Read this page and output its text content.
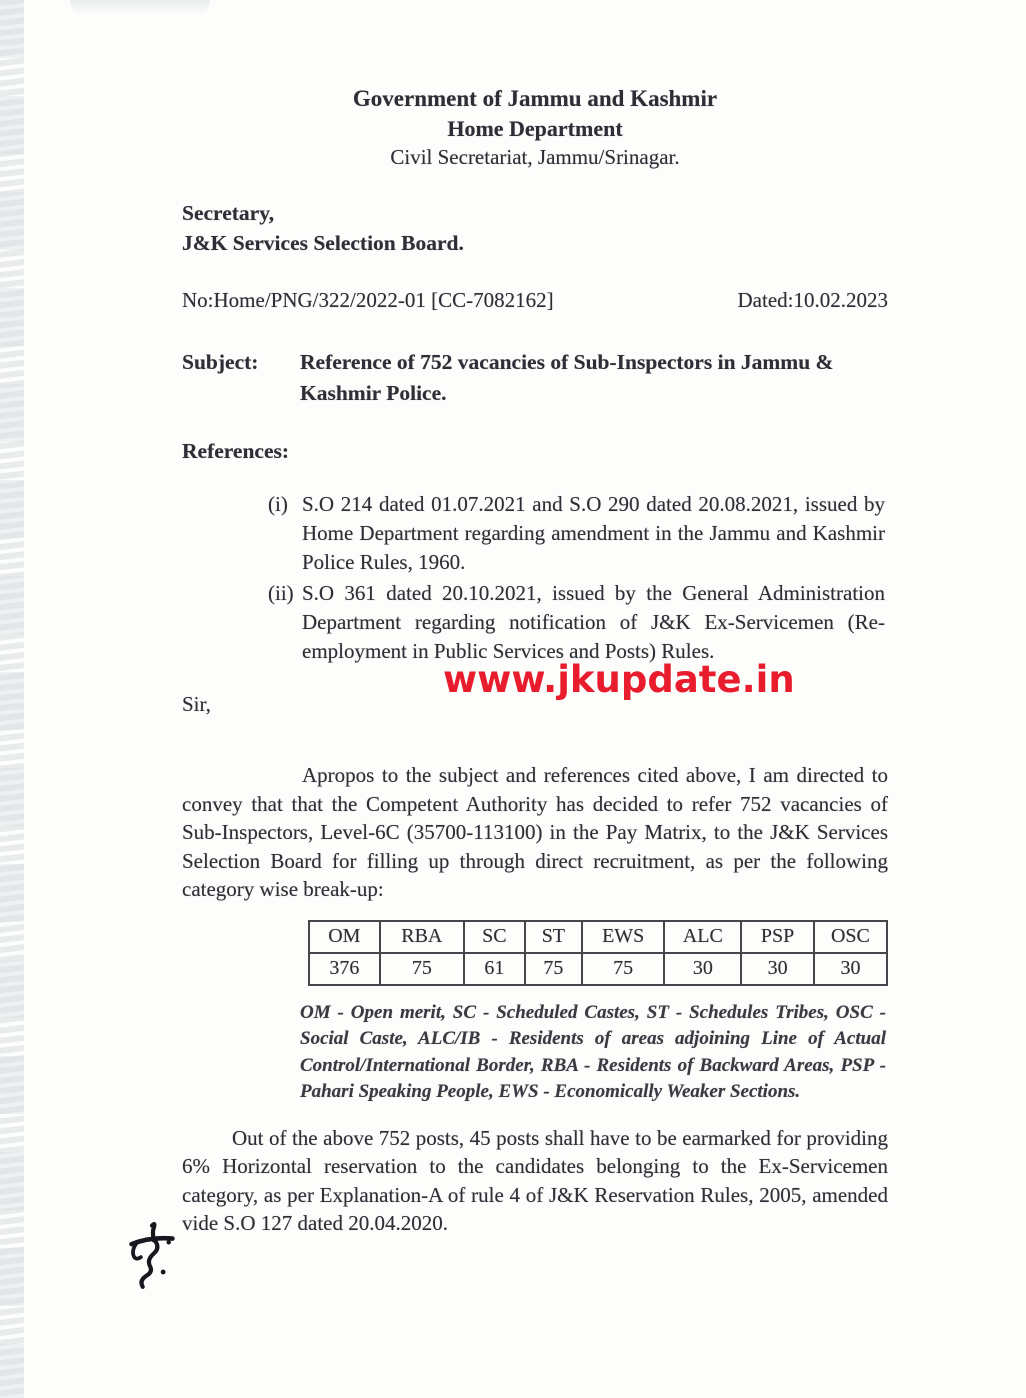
Government of Jammu and Kashmir
Home Department
Civil Secretariat, Jammu/Srinagar.
Secretary,
J&K Services Selection Board.
No:Home/PNG/322/2022-01 [CC-7082162]	Dated:10.02.2023
Subject:	Reference of 752 vacancies of Sub-Inspectors in Jammu & Kashmir Police.
References:
(i) S.O 214 dated 01.07.2021 and S.O 290 dated 20.08.2021, issued by Home Department regarding amendment in the Jammu and Kashmir Police Rules, 1960.
(ii) S.O 361 dated 20.10.2021, issued by the General Administration Department regarding notification of J&K Ex-Servicemen (Re-employment in Public Services and Posts) Rules.
Sir,
Apropos to the subject and references cited above, I am directed to convey that that the Competent Authority has decided to refer 752 vacancies of Sub-Inspectors, Level-6C (35700-113100) in the Pay Matrix, to the J&K Services Selection Board for filling up through direct recruitment, as per the following category wise break-up:
OM	RBA	SC	ST	EWS	ALC	PSP	OSC
376	75	61	75	75	30	30	30
OM - Open merit, SC - Scheduled Castes, ST - Schedules Tribes, OSC - Social Caste, ALC/IB - Residents of areas adjoining Line of Actual Control/International Border, RBA - Residents of Backward Areas, PSP - Pahari Speaking People, EWS - Economically Weaker Sections.
Out of the above 752 posts, 45 posts shall have to be earmarked for providing 6% Horizontal reservation to the candidates belonging to the Ex-Servicemen category, as per Explanation-A of rule 4 of J&K Reservation Rules, 2005, amended vide S.O 127 dated 20.04.2020.
www.jkupdate.in
